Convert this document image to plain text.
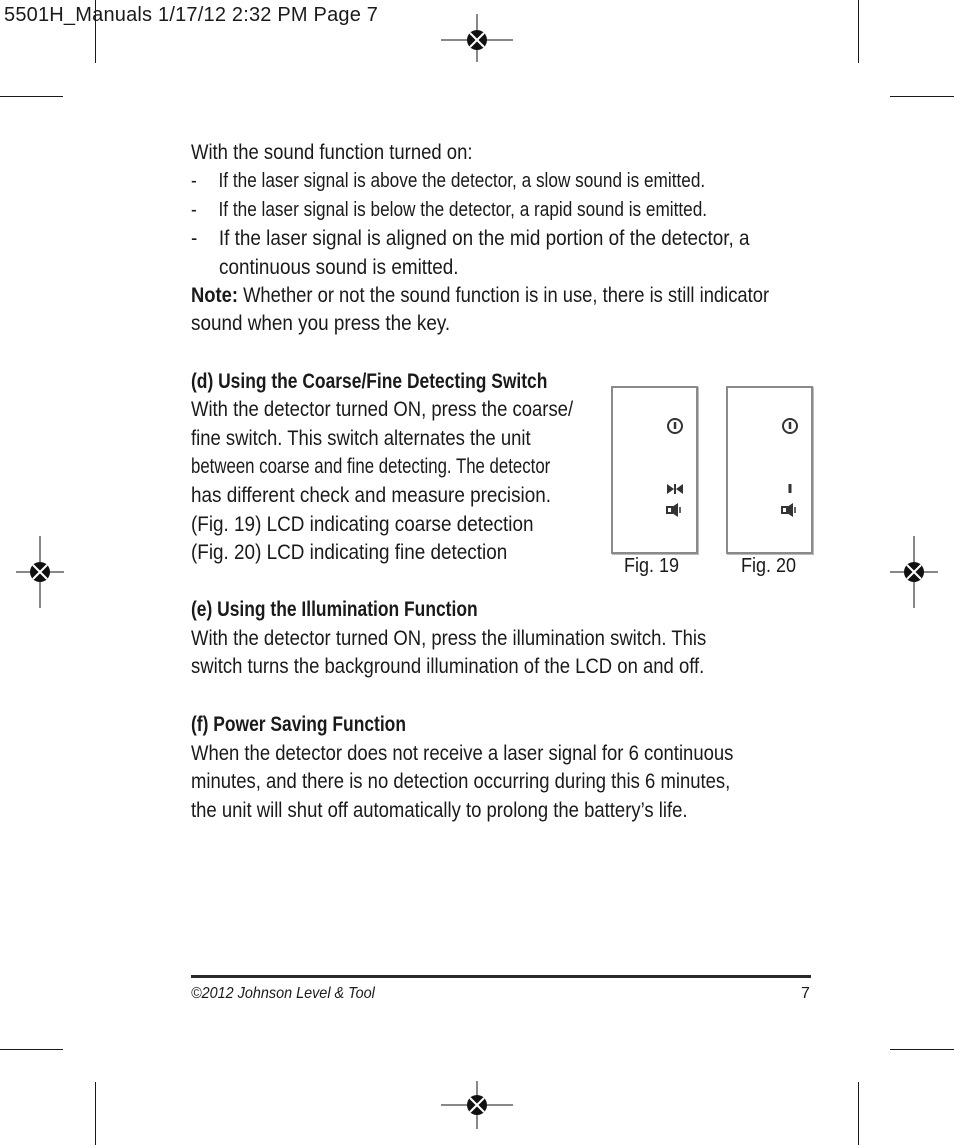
5501H_Manuals 1/17/12 2:32 PM Page 7
With the sound function turned on:
- If the laser signal is above the detector, a slow sound is emitted.
- If the laser signal is below the detector, a rapid sound is emitted.
- If the laser signal is aligned on the mid portion of the detector, a
continuous sound is emitted.
Note: Whether or not the sound function is in use, there is still indicator
sound when you press the key.
(d) Using the Coarse/Fine Detecting Switch
With the detector turned ON, press the coarse/
fine switch. This switch alternates the unit
between coarse and fine detecting. The detector
has different check and measure precision.
(Fig. 19) LCD indicating coarse detection
(Fig. 20) LCD indicating fine detection
Fig. 19	Fig. 20
(e) Using the Illumination Function
With the detector turned ON, press the illumination switch. This
switch turns the background illumination of the LCD on and off.
(f) Power Saving Function
When the detector does not receive a laser signal for 6 continuous
minutes, and there is no detection occurring during this 6 minutes,
the unit will shut off automatically to prolong the battery’s life.
©2012 Johnson Level & Tool	7
